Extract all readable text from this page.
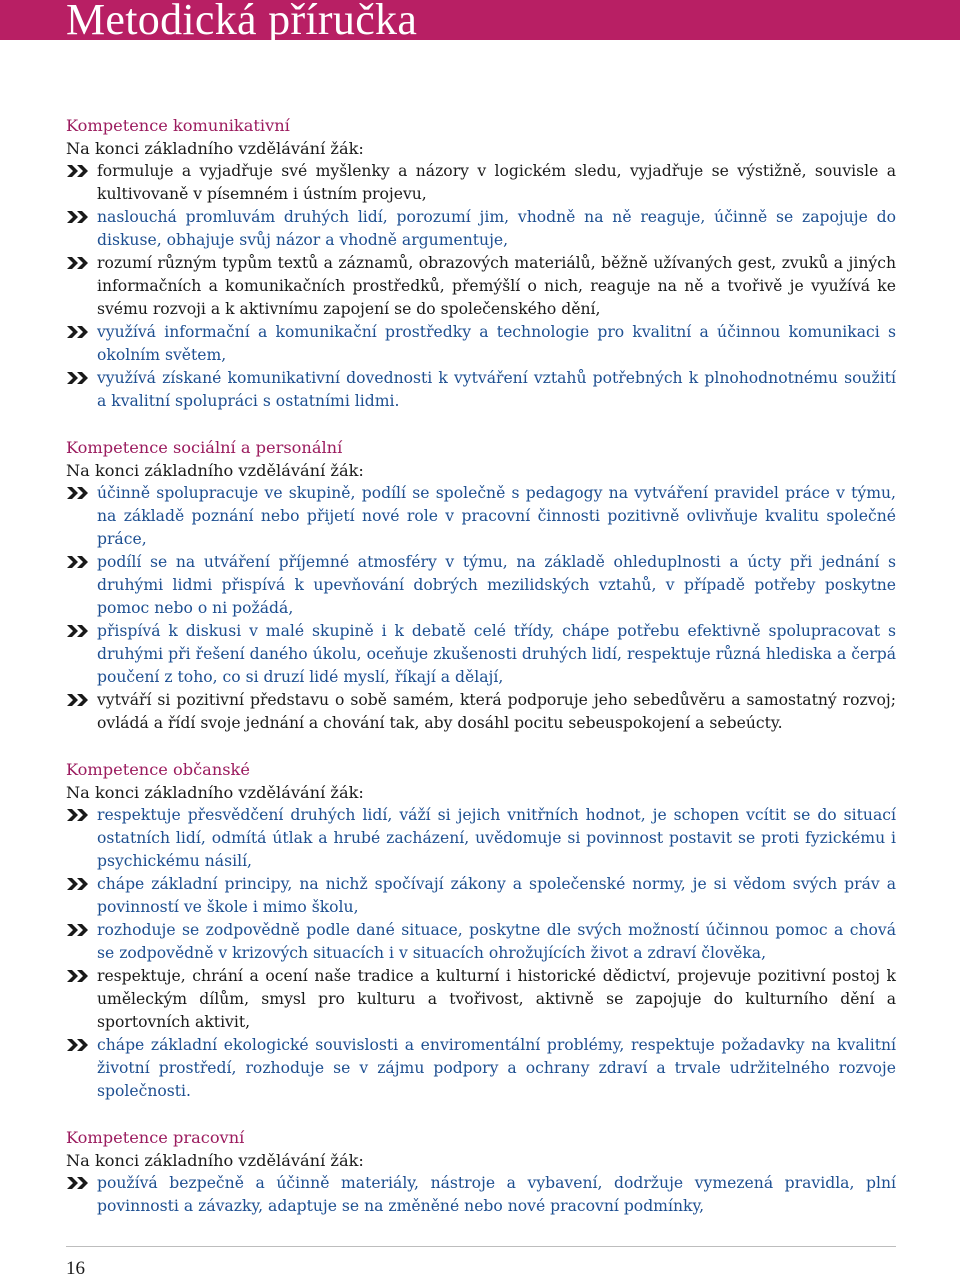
Metodická příručka

Kompetence komunikativní

Na konci základního vzdělávání žák:

formuluje a vyjadřuje své myšlenky a názory v logickém sledu, vyjadřuje se výstižně, souvisle a kultivovaně v písemném i ústním projevu,
naslouchá promluvám druhých lidí, porozumí jim, vhodně na ně reaguje, účinně se zapojuje do diskuse, obhajuje svůj názor a vhodně argumentuje,
rozumí různým typům textů a záznamů, obrazových materiálů, běžně užívaných gest, zvuků a jiných informačních a komunikačních prostředků, přemýšlí o nich, reaguje na ně a tvořivě je využívá ke svému rozvoji a k aktivnímu zapojení se do společenského dění,
využívá informační a komunikační prostředky a technologie pro kvalitní a účinnou komunikaci s okolním světem,
využívá získané komunikativní dovednosti k vytváření vztahů potřebných k plnohodnotnému soužití a kvalitní spolupráci s ostatními lidmi.

Kompetence sociální a personální

Na konci základního vzdělávání žák:

účinně spolupracuje ve skupině, podílí se společně s pedagogy na vytváření pravidel práce v týmu, na základě poznání nebo přijetí nové role v pracovní činnosti pozitivně ovlivňuje kvalitu společné práce,
podílí se na utváření příjemné atmosféry v týmu, na základě ohleduplnosti a úcty při jednání s druhými lidmi přispívá k upevňování dobrých mezilidských vztahů, v případě potřeby poskytne pomoc nebo o ni požádá,
přispívá k diskusi v malé skupině i k debatě celé třídy, chápe potřebu efektivně spolupracovat s druhými při řešení daného úkolu, oceňuje zkušenosti druhých lidí, respektuje různá hlediska a čerpá poučení z toho, co si druzí lidé myslí, říkají a dělají,
vytváří si pozitivní představu o sobě samém, která podporuje jeho sebedůvěru a samostatný rozvoj; ovládá a řídí svoje jednání a chování tak, aby dosáhl pocitu sebeuspokojení a sebeúcty.

Kompetence občanské

Na konci základního vzdělávání žák:

respektuje přesvědčení druhých lidí, váží si jejich vnitřních hodnot, je schopen vcítit se do situací ostatních lidí, odmítá útlak a hrubé zacházení, uvědomuje si povinnost postavit se proti fyzickému i psychickému násilí,
chápe základní principy, na nichž spočívají zákony a společenské normy, je si vědom svých práv a povinností ve škole i mimo školu,
rozhoduje se zodpovědně podle dané situace, poskytne dle svých možností účinnou pomoc a chová se zodpovědně v krizových situacích i v situacích ohrožujících život a zdraví člověka,
respektuje, chrání a ocení naše tradice a kulturní i historické dědictví, projevuje pozitivní postoj k uměleckým dílům, smysl pro kulturu a tvořivost, aktivně se zapojuje do kulturního dění a sportovních aktivit,
chápe základní ekologické souvislosti a enviromentální problémy, respektuje požadavky na kvalitní životní prostředí, rozhoduje se v zájmu podpory a ochrany zdraví a trvale udržitelného rozvoje společnosti.

Kompetence pracovní

Na konci základního vzdělávání žák:

používá bezpečně a účinně materiály, nástroje a vybavení, dodržuje vymezená pravidla, plní povinnosti a závazky, adaptuje se na změněné nebo nové pracovní podmínky,
16
